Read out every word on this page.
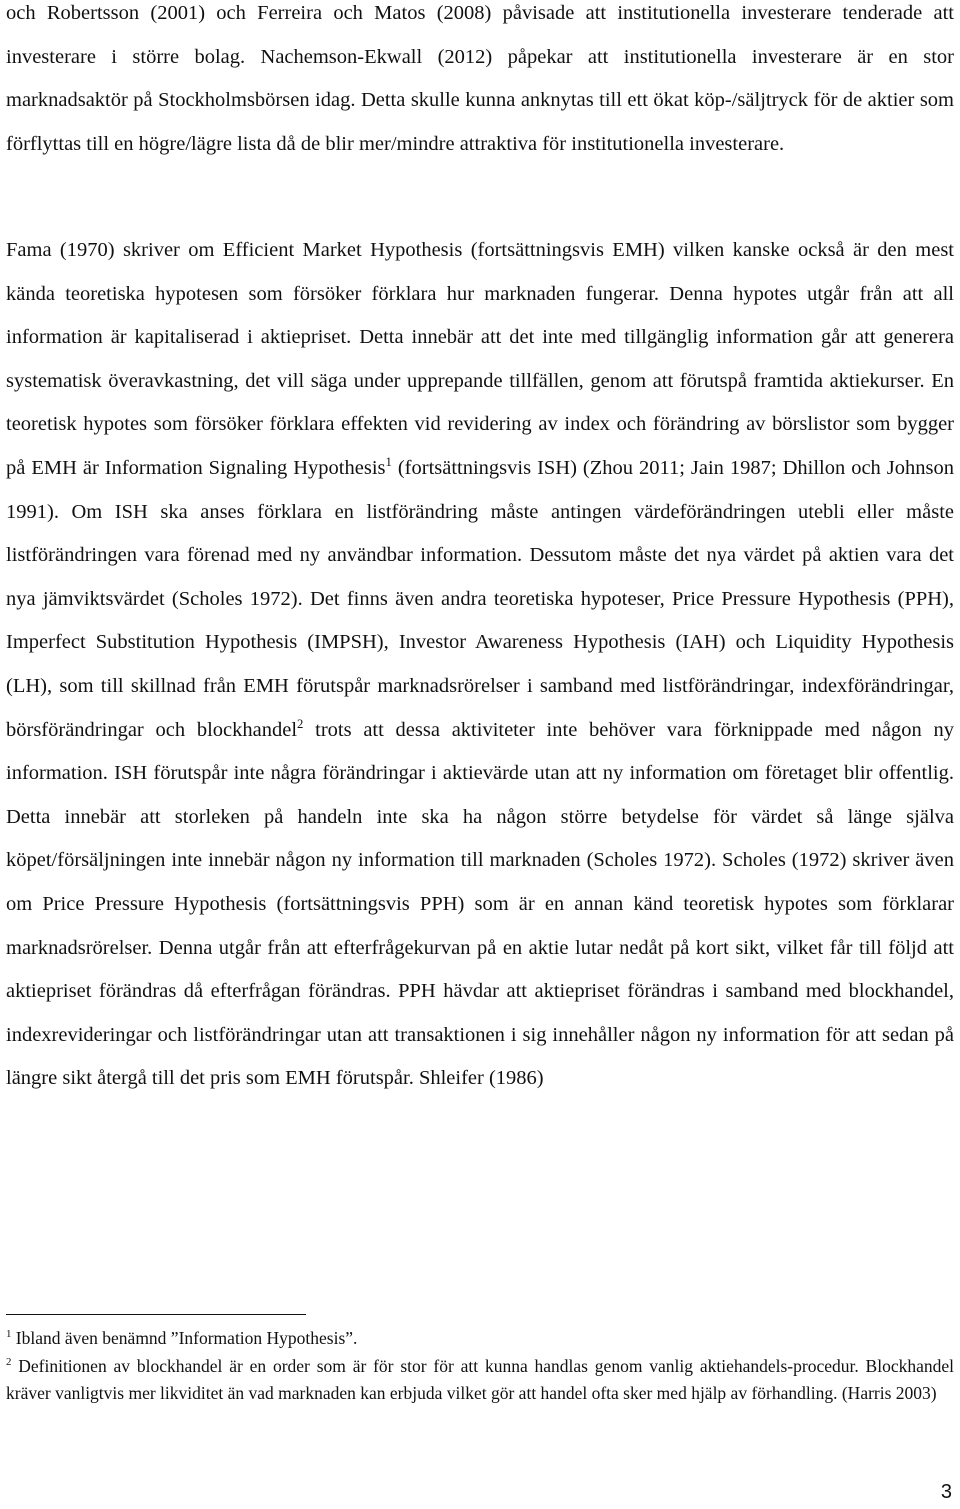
och Robertsson (2001) och Ferreira och Matos (2008) påvisade att institutionella investerare tenderade att investerare i större bolag. Nachemson-Ekwall (2012) påpekar att institutionella investerare är en stor marknadsaktör på Stockholmsbörsen idag. Detta skulle kunna anknytas till ett ökat köp-/säljtryck för de aktier som förflyttas till en högre/lägre lista då de blir mer/mindre attraktiva för institutionella investerare.

Fama (1970) skriver om Efficient Market Hypothesis (fortsättningsvis EMH) vilken kanske också är den mest kända teoretiska hypotesen som försöker förklara hur marknaden fungerar. Denna hypotes utgår från att all information är kapitaliserad i aktiepriset. Detta innebär att det inte med tillgänglig information går att generera systematisk överavkastning, det vill säga under upprepande tillfällen, genom att förutspå framtida aktiekurser. En teoretisk hypotes som försöker förklara effekten vid revidering av index och förändring av börslistor som bygger på EMH är Information Signaling Hypothesis$^1$ (fortsättningsvis ISH) (Zhou 2011; Jain 1987; Dhillon och Johnson 1991). Om ISH ska anses förklara en listförändring måste antingen värdeförändringen utebli eller måste listförändringen vara förenad med ny användbar information. Dessutom måste det nya värdet på aktien vara det nya jämviktsvärdet (Scholes 1972). Det finns även andra teoretiska hypoteser, Price Pressure Hypothesis (PPH), Imperfect Substitution Hypothesis (IMPSH), Investor Awareness Hypothesis (IAH) och Liquidity Hypothesis (LH), som till skillnad från EMH förutspår marknadsrörelser i samband med listförändringar, indexförändringar, börsförändringar och blockhandel$^2$ trots att dessa aktiviteter inte behöver vara förknippade med någon ny information. ISH förutspår inte några förändringar i aktievärde utan att ny information om företaget blir offentlig. Detta innebär att storleken på handeln inte ska ha någon större betydelse för värdet så länge själva köpet/försäljningen inte innebär någon ny information till marknaden (Scholes 1972). Scholes (1972) skriver även om Price Pressure Hypothesis (fortsättningsvis PPH) som är en annan känd teoretisk hypotes som förklarar marknadsrörelser. Denna utgår från att efterfrågekurvan på en aktie lutar nedåt på kort sikt, vilket får till följd att aktiepriset förändras då efterfrågan förändras. PPH hävdar att aktiepriset förändras i samband med blockhandel, indexrevideringar och listförändringar utan att transaktionen i sig innehåller någon ny information för att sedan på längre sikt återgå till det pris som EMH förutspår. Shleifer (1986)

$^1$ Ibland även benämnd ”Information Hypothesis”.

$^2$ Definitionen av blockhandel är en order som är för stor för att kunna handlas genom vanlig aktiehandels-procedur. Blockhandel kräver vanligtvis mer likviditet än vad marknaden kan erbjuda vilket gör att handel ofta sker med hjälp av förhandling. (Harris 2003)

3
